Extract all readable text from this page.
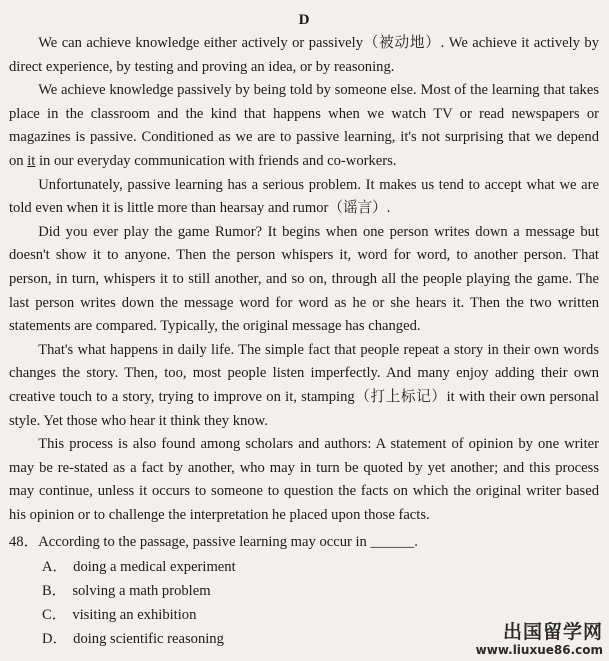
D

We can achieve knowledge either actively or passively（被动地）. We achieve it actively by direct experience, by testing and proving an idea, or by reasoning.

We achieve knowledge passively by being told by someone else. Most of the learning that takes place in the classroom and the kind that happens when we watch TV or read newspapers or magazines is passive. Conditioned as we are to passive learning, it's not surprising that we depend on it in our everyday communication with friends and co-workers.

Unfortunately, passive learning has a serious problem. It makes us tend to accept what we are told even when it is little more than hearsay and rumor（谣言）.

Did you ever play the game Rumor? It begins when one person writes down a message but doesn't show it to anyone. Then the person whispers it, word for word, to another person. That person, in turn, whispers it to still another, and so on, through all the people playing the game. The last person writes down the message word for word as he or she hears it. Then the two written statements are compared. Typically, the original message has changed.

That's what happens in daily life. The simple fact that people repeat a story in their own words changes the story. Then, too, most people listen imperfectly. And many enjoy adding their own creative touch to a story, trying to improve on it, stamping（打上标记）it with their own personal style. Yet those who hear it think they know.

This process is also found among scholars and authors: A statement of opinion by one writer may be re-stated as a fact by another, who may in turn be quoted by yet another; and this process may continue, unless it occurs to someone to question the facts on which the original writer based his opinion or to challenge the interpretation he placed upon those facts.

48．According to the passage, passive learning may occur in ______.
A． doing a medical experiment
B． solving a math problem
C． visiting an exhibition
D． doing scientific reasoning	出国留学网
www.liuxue86.com
